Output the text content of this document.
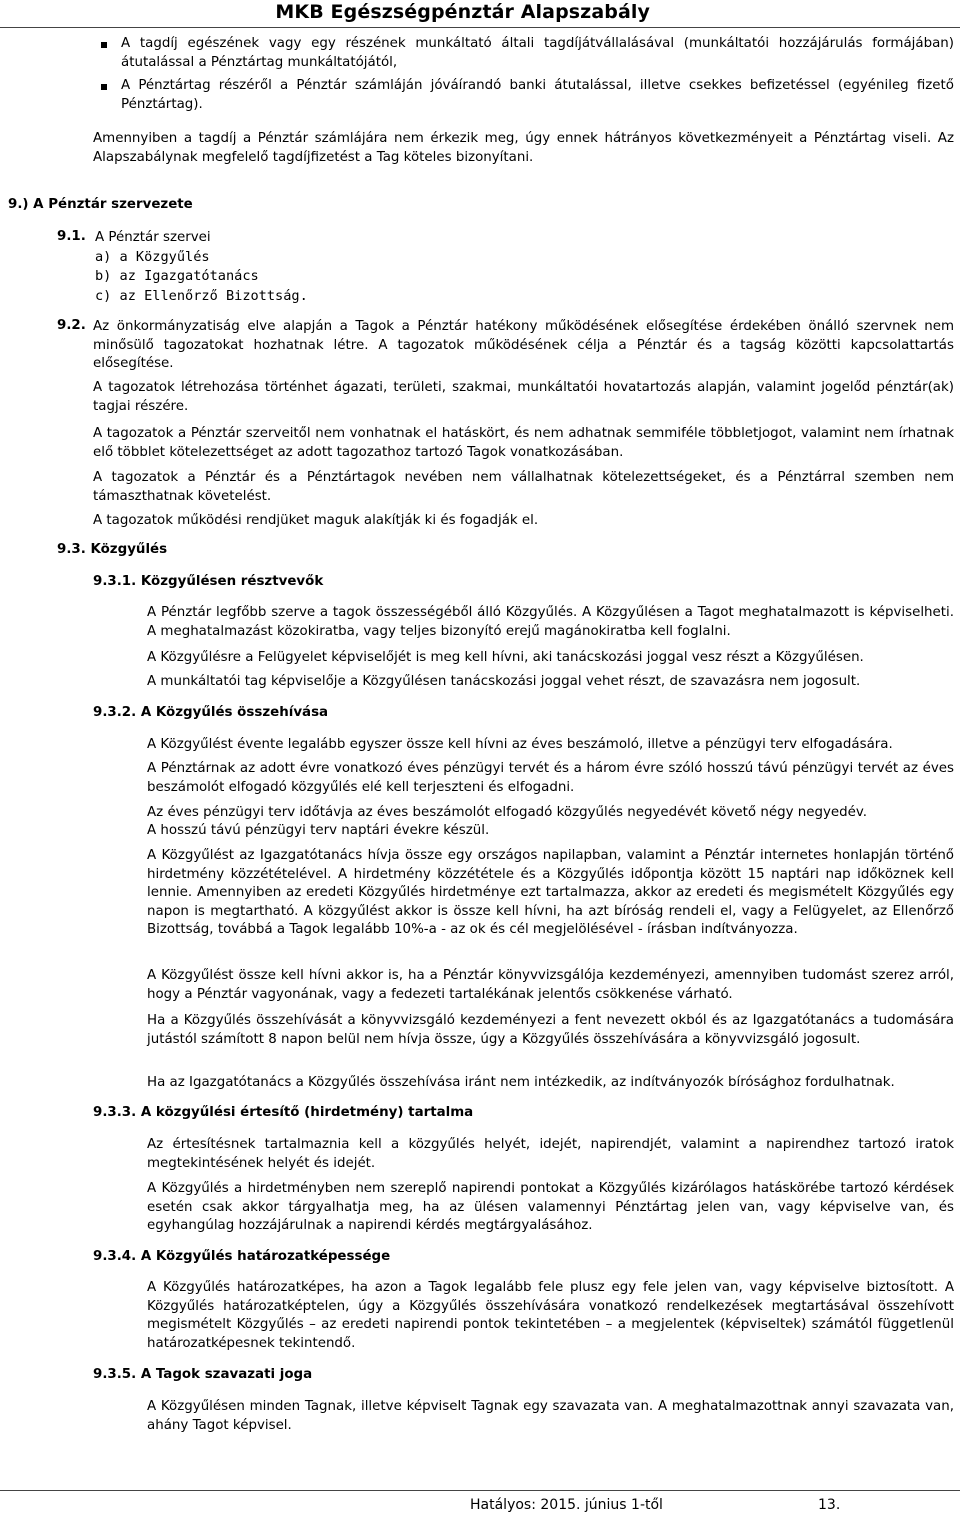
MKB Egészségpénztár Alapszabály

A tagdíj egészének vagy egy részének munkáltató általi tagdíjátvállalásával (munkáltatói hozzájárulás formájában) átutalással a Pénztártag munkáltatójától,

A Pénztártag részéről a Pénztár számláján jóváírandó banki átutalással, illetve csekkes befizetéssel (egyénileg fizető Pénztártag).

Amennyiben a tagdíj a Pénztár számlájára nem érkezik meg, úgy ennek hátrányos következményeit a Pénztártag viseli. Az Alapszabálynak megfelelő tagdíjfizetést a Tag köteles bizonyítani.

9.) A Pénztár szervezete
9.1. A Pénztár szervei
a) a Közgyűlés
b) az Igazgatótanács
c) az Ellenőrző Bizottság.
9.2. Az önkormányzatiság elve alapján a Tagok a Pénztár hatékony működésének elősegítése érdekében önálló szervnek nem minősülő tagozatokat hozhatnak létre. A tagozatok működésének célja a Pénztár és a tagság közötti kapcsolattartás elősegítése.

A tagozatok létrehozása történhet ágazati, területi, szakmai, munkáltatói hovatartozás alapján, valamint jogelőd pénztár(ak) tagjai részére.

A tagozatok a Pénztár szerveitől nem vonhatnak el hatáskört, és nem adhatnak semmiféle többletjogot, valamint nem írhatnak elő többlet kötelezettséget az adott tagozathoz tartozó Tagok vonatkozásában.

A tagozatok a Pénztár és a Pénztártagok nevében nem vállalhatnak kötelezettségeket, és a Pénztárral szemben nem támaszthatnak követelést.

A tagozatok működési rendjüket maguk alakítják ki és fogadják el.

9.3. Közgyűlés
9.3.1. Közgyűlésen résztvevők

A Pénztár legfőbb szerve a tagok összességéből álló Közgyűlés. A Közgyűlésen a Tagot meghatalmazott is képviselheti. A meghatalmazást közokiratba, vagy teljes bizonyító erejű magánokiratba kell foglalni.

A Közgyűlésre a Felügyelet képviselőjét is meg kell hívni, aki tanácskozási joggal vesz részt a Közgyűlésen.

A munkáltatói tag képviselője a Közgyűlésen tanácskozási joggal vehet részt, de szavazásra nem jogosult.

9.3.2. A Közgyűlés összehívása

A Közgyűlést évente legalább egyszer össze kell hívni az éves beszámoló, illetve a pénzügyi terv elfogadására.

A Pénztárnak az adott évre vonatkozó éves pénzügyi tervét és a három évre szóló hosszú távú pénzügyi tervét az éves beszámolót elfogadó közgyűlés elé kell terjeszteni és elfogadni.

Az éves pénzügyi terv időtávja az éves beszámolót elfogadó közgyűlés negyedévét követő négy negyedév.

A hosszú távú pénzügyi terv naptári évekre készül.

A Közgyűlést az Igazgatótanács hívja össze egy országos napilapban, valamint a Pénztár internetes honlapján történő hirdetmény közzétételével. A hirdetmény közzététele és a Közgyűlés időpontja között 15 naptári nap időköznek kell lennie. Amennyiben az eredeti Közgyűlés hirdetménye ezt tartalmazza, akkor az eredeti és megismételt Közgyűlés egy napon is megtartható. A közgyűlést akkor is össze kell hívni, ha azt bíróság rendeli el, vagy a Felügyelet, az Ellenőrző Bizottság, továbbá a Tagok legalább 10%-a - az ok és cél megjelölésével - írásban indítványozza.

A Közgyűlést össze kell hívni akkor is, ha a Pénztár könyvvizsgálója kezdeményezi, amennyiben tudomást szerez arról, hogy a Pénztár vagyonának, vagy a fedezeti tartalékának jelentős csökkenése várható.

Ha a Közgyűlés összehívását a könyvvizsgáló kezdeményezi a fent nevezett okból és az Igazgatótanács a tudomására jutástól számított 8 napon belül nem hívja össze, úgy a Közgyűlés összehívására a könyvvizsgáló jogosult.

Ha az Igazgatótanács a Közgyűlés összehívása iránt nem intézkedik, az indítványozók bírósághoz fordulhatnak.

9.3.3. A közgyűlési értesítő (hirdetmény) tartalma

Az értesítésnek tartalmaznia kell a közgyűlés helyét, idejét, napirendjét, valamint a napirendhez tartozó iratok megtekintésének helyét és idejét.

A Közgyűlés a hirdetményben nem szereplő napirendi pontokat a Közgyűlés kizárólagos hatáskörébe tartozó kérdések esetén csak akkor tárgyalhatja meg, ha az ülésen valamennyi Pénztártag jelen van, vagy képviselve van, és egyhangúlag hozzájárulnak a napirendi kérdés megtárgyalásához.

9.3.4. A Közgyűlés határozatképessége

A Közgyűlés határozatképes, ha azon a Tagok legalább fele plusz egy fele jelen van, vagy képviselve biztosított. A Közgyűlés határozatképtelen, úgy a Közgyűlés összehívására vonatkozó rendelkezések megtartásával összehívott megismételt Közgyűlés – az eredeti napirendi pontok tekintetében – a megjelentek (képviseltek) számától függetlenül határozatképesnek tekintendő.

9.3.5. A Tagok szavazati joga

A Közgyűlésen minden Tagnak, illetve képviselt Tagnak egy szavazata van. A meghatalmazottnak annyi szavazata van, ahány Tagot képvisel.

Hatályos: 2015. június 1-től	13.
